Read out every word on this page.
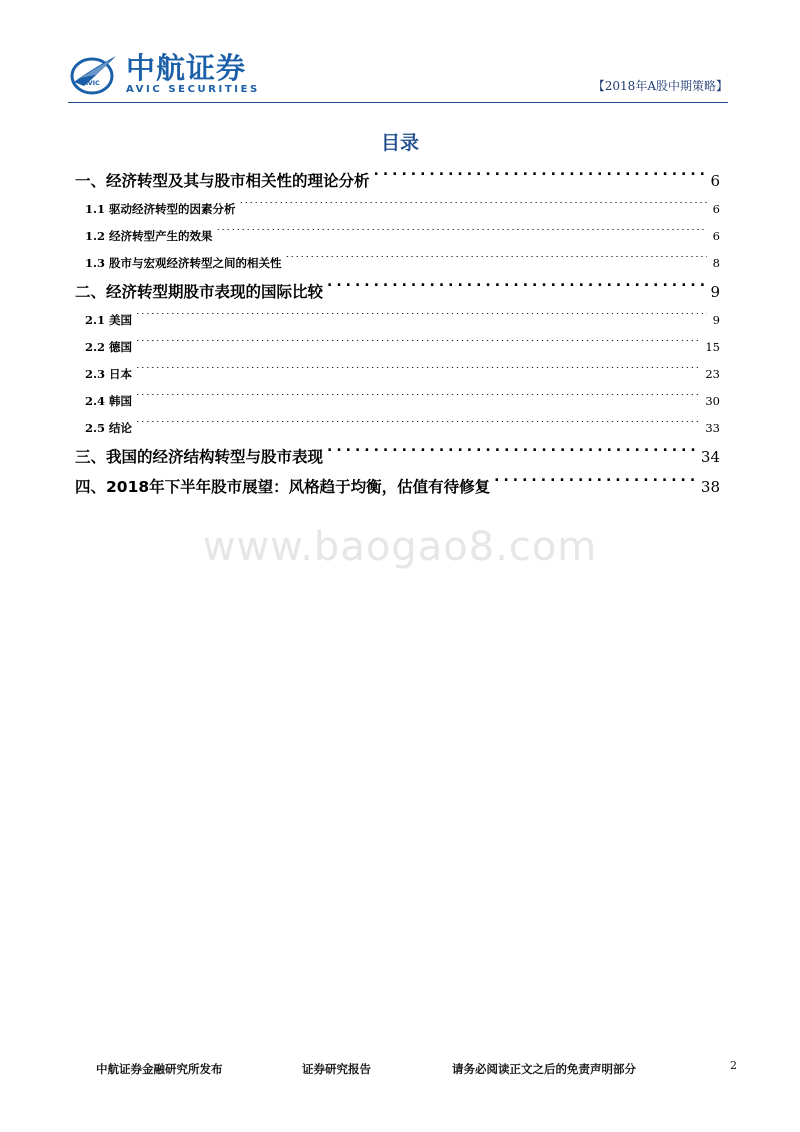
AVIC 中航证券
AVIC SECURITIES	【2018年A股中期策略】
目录
一、经济转型及其与股市相关性的理论分析 .....	6
1.1 驱动经济转型的因素分析 .....	6
1.2 经济转型产生的效果 .....	6
1.3 股市与宏观经济转型之间的相关性 .....	8
二、经济转型期股市表现的国际比较 .....	9
2.1 美国 .....	9
2.2 德国 .....	15
2.3 日本 .....	23
2.4 韩国 .....	30
2.5 结论 .....	33
三、我国的经济结构转型与股市表现 .....	34
四、2018年下半年股市展望：风格趋于均衡，估值有待修复 .....	38
www.baogao8.com
中航证券金融研究所发布	证券研究报告	请务必阅读正文之后的免责声明部分	2
